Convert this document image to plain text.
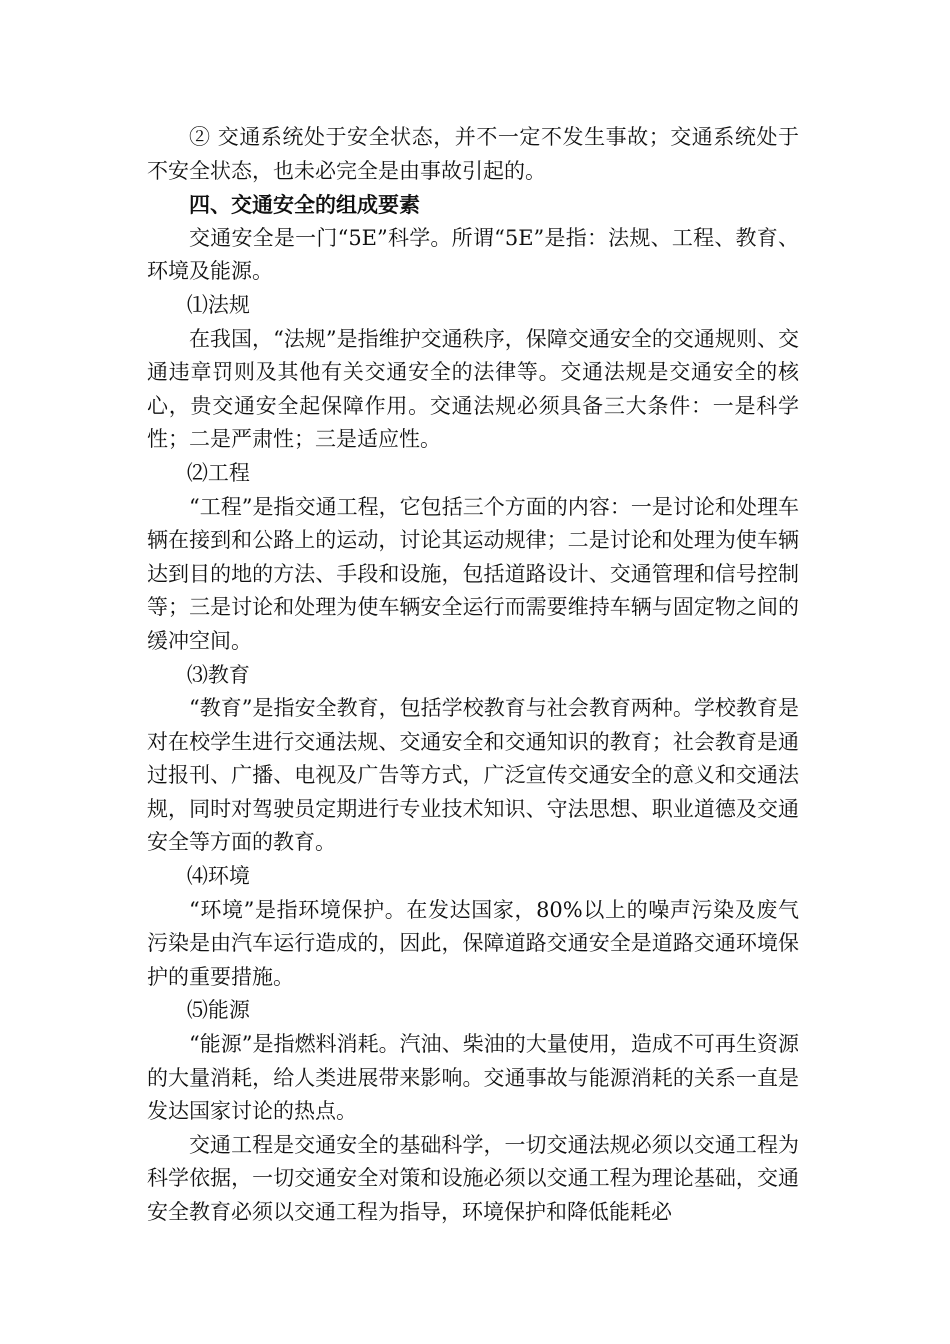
② 交通系统处于安全状态，并不一定不发生事故；交通系统处于不安全状态，也未必完全是由事故引起的。

四、交通安全的组成要素

交通安全是一门“5E”科学。所谓“5E”是指：法规、工程、教育、环境及能源。

⑴法规

在我国，“法规”是指维护交通秩序，保障交通安全的交通规则、交通违章罚则及其他有关交通安全的法律等。交通法规是交通安全的核心，贵交通安全起保障作用。交通法规必须具备三大条件：一是科学性；二是严肃性；三是适应性。

⑵工程

“工程”是指交通工程，它包括三个方面的内容：一是讨论和处理车辆在接到和公路上的运动，讨论其运动规律；二是讨论和处理为使车辆达到目的地的方法、手段和设施，包括道路设计、交通管理和信号控制等；三是讨论和处理为使车辆安全运行而需要维持车辆与固定物之间的缓冲空间。

⑶教育

“教育”是指安全教育，包括学校教育与社会教育两种。学校教育是对在校学生进行交通法规、交通安全和交通知识的教育；社会教育是通过报刊、广播、电视及广告等方式，广泛宣传交通安全的意义和交通法规，同时对驾驶员定期进行专业技术知识、守法思想、职业道德及交通安全等方面的教育。

⑷环境

“环境”是指环境保护。在发达国家，80%以上的噪声污染及废气污染是由汽车运行造成的，因此，保障道路交通安全是道路交通环境保护的重要措施。

⑸能源

“能源”是指燃料消耗。汽油、柴油的大量使用，造成不可再生资源的大量消耗，给人类进展带来影响。交通事故与能源消耗的关系一直是发达国家讨论的热点。

交通工程是交通安全的基础科学，一切交通法规必须以交通工程为科学依据，一切交通安全对策和设施必须以交通工程为理论基础，交通安全教育必须以交通工程为指导，环境保护和降低能耗必
